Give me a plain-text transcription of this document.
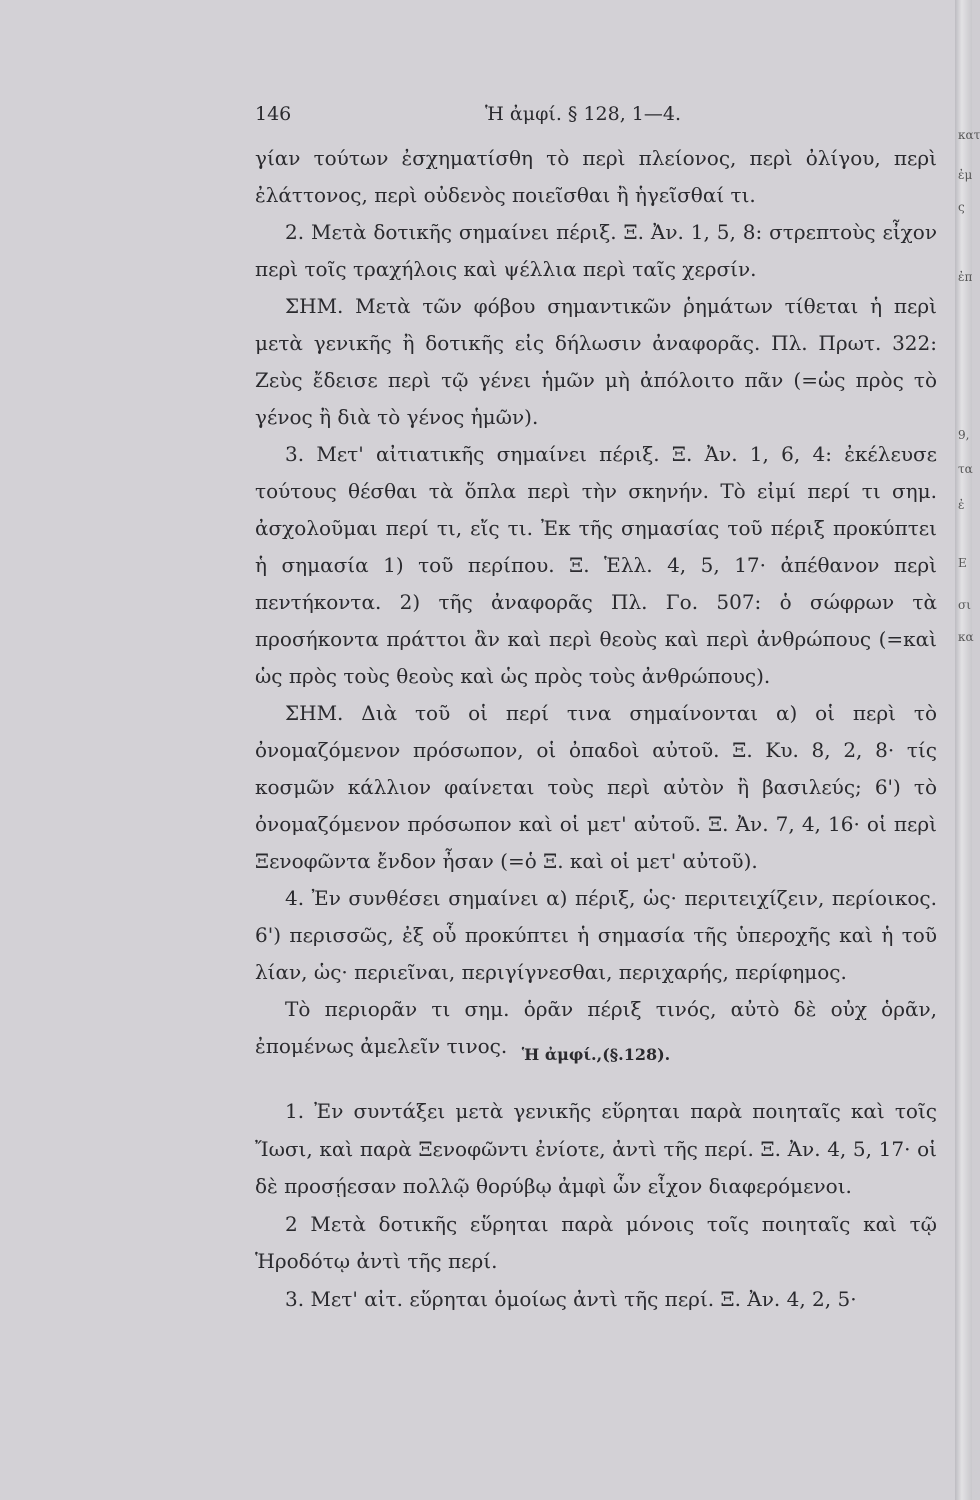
146	Ἡ ἀμφί. § 128, 1—4.

γίαν τούτων ἐσχηματίσθη τὸ περὶ πλείονος, περὶ ὀλίγου, περὶ ἐλάττονος, περὶ οὐδενὸς ποιεῖσθαι ἢ ἡγεῖσθαί τι.

2. Μετὰ δοτικῆς σημαίνει πέριξ. Ξ. Ἀν. 1, 5, 8: στρεπτοὺς εἶχον περὶ τοῖς τραχήλοις καὶ ψέλλια περὶ ταῖς χερσίν.

ΣΗΜ. Μετὰ τῶν φόβου σημαντικῶν ῥημάτων τίθεται ἡ περὶ μετὰ γενικῆς ἢ δοτικῆς εἰς δήλωσιν ἀναφορᾶς. Πλ. Πρωτ. 322: Ζεὺς ἔδεισε περὶ τῷ γένει ἡμῶν μὴ ἀπόλοιτο πᾶν (=ὡς πρὸς τὸ γένος ἢ διὰ τὸ γένος ἡμῶν).

3. Μετ' αἰτιατικῆς σημαίνει πέριξ. Ξ. Ἀν. 1, 6, 4: ἐκέλευσε τούτους θέσθαι τὰ ὅπλα περὶ τὴν σκηνήν. Τὸ εἰμί περί τι σημ. ἀσχολοῦμαι περί τι, εἴς τι. Ἐκ τῆς σημασίας τοῦ πέριξ προκύπτει ἡ σημασία 1) τοῦ περίπου. Ξ. Ἑλλ. 4, 5, 17· ἀπέθανον περὶ πεντήκοντα. 2) τῆς ἀναφορᾶς Πλ. Γο. 507: ὁ σώφρων τὰ προσήκοντα πράττοι ἂν καὶ περὶ θεοὺς καὶ περὶ ἀνθρώπους (=καὶ ὡς πρὸς τοὺς θεοὺς καὶ ὡς πρὸς τοὺς ἀνθρώπους).

ΣΗΜ. Διὰ τοῦ οἱ περί τινα σημαίνονται α) οἱ περὶ τὸ ὀνομαζόμενον πρόσωπον, οἱ ὀπαδοὶ αὐτοῦ. Ξ. Κυ. 8, 2, 8· τίς κοσμῶν κάλλιον φαίνεται τοὺς περὶ αὐτὸν ἢ βασιλεύς; 6') τὸ ὀνομαζόμενον πρόσωπον καὶ οἱ μετ' αὐτοῦ. Ξ. Ἀν. 7, 4, 16· οἱ περὶ Ξενοφῶντα ἔνδον ἦσαν (=ὁ Ξ. καὶ οἱ μετ' αὐτοῦ).

4. Ἐν συνθέσει σημαίνει α) πέριξ, ὡς· περιτειχίζειν, περίοικος. 6') περισσῶς, ἐξ οὗ προκύπτει ἡ σημασία τῆς ὑπεροχῆς καὶ ἡ τοῦ λίαν, ὡς· περιεῖναι, περιγίγνεσθαι, περιχαρής, περίφημος.

Τὸ περιορᾶν τι σημ. ὁρᾶν πέριξ τινός, αὐτὸ δὲ οὐχ ὁρᾶν, ἐπομένως ἀμελεῖν τινος. Ἡ ἀμφί.,(§.128).

1. Ἐν συντάξει μετὰ γενικῆς εὕρηται παρὰ ποιηταῖς καὶ τοῖς Ἴωσι, καὶ παρὰ Ξενοφῶντι ἐνίοτε, ἀντὶ τῆς περί. Ξ. Ἀν. 4, 5, 17· οἱ δὲ προσῄεσαν πολλῷ θορύβῳ ἀμφὶ ὧν εἶχον διαφερόμενοι.

2 Μετὰ δοτικῆς εὕρηται παρὰ μόνοις τοῖς ποιηταῖς καὶ τῷ Ἡροδότῳ ἀντὶ τῆς περί.

3. Μετ' αἰτ. εὕρηται ὁμοίως ἀντὶ τῆς περί. Ξ. Ἀν. 4, 2, 5·

κατ
ἐμ
ς
ἐπ
9,
τα
ἐ
Ε
σι
κα
